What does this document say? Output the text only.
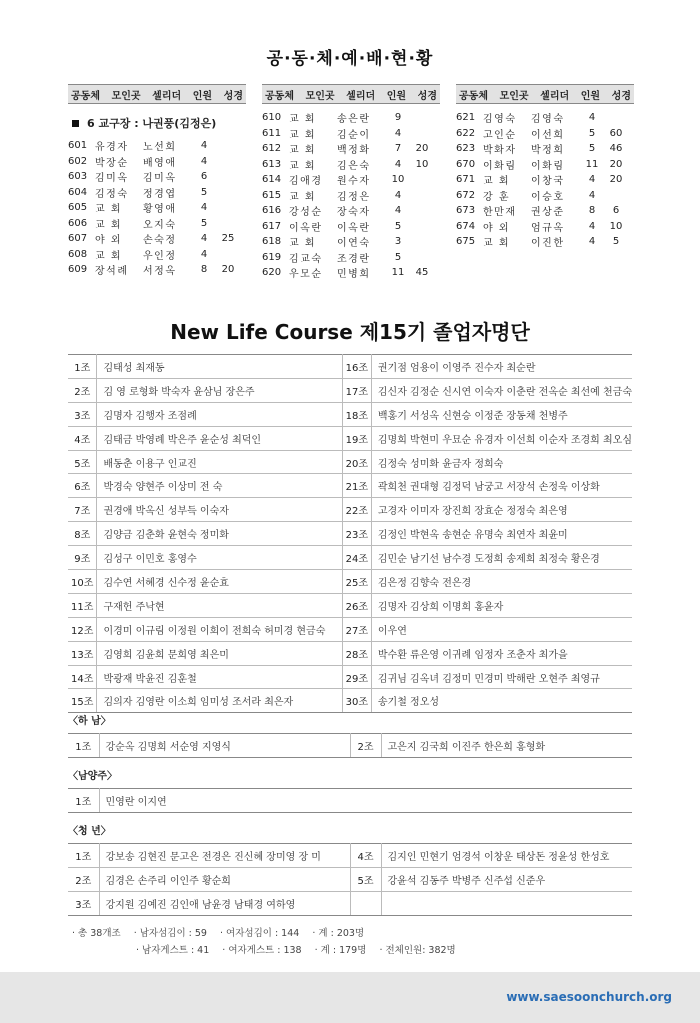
공·동·체·예·배·현·황
공동체 모인곳 셀리더 인원 성경
6 교구장 : 나권풍(김정은)
601 유경자	노선희	4
602 박장순	배영애	4
603 김미옥	김미옥	6
604 김정숙	정경엽	5
605 교 회	황영애	4
606 교 회	오지숙	5
607 야 외	손숙정	4	25
608 교 회	우인정	4
609 장석례	서정옥	8	20
공동체 모인곳 셀리더 인원 성경
610 교 회	송은란	9
611 교 회	김순이	4
612 교 회	백정화	7	20
613 교 회	김은숙	4	10
614 김애경	원수자	10
615 교 회	김정은	4
616 강성순	장숙자	4
617 이옥란	이옥란	5
618 교 회	이연숙	3
619 김교숙	조경란	5
620 우모순	민병희	11	45
공동체 모인곳 셀리더 인원 성경
621 김영숙	김영숙	4
622 고인순	이선희	5	60
623 박화자	박정희	5	46
670 이화림	이화림	11	20
671 교 회	이창국	4	20
672 강 훈	이승호	4
673 한만재	권상준	8	6
674 야 외	엄규옥	4	10
675 교 회	이진한	4	5
New Life Course 제15기 졸업자명단
1조	김태성 최재동	16조	권기점 엄용이 이영주 진수자 최순란
2조	김 영 로형화 박숙자 윤삼님 장은주	17조	김신자 김정순 신시연 이숙자 이춘란 전옥순 최선예 천금숙
3조	김명자 김행자 조점례	18조	백홍기 서성옥 신현승 이정준 장동채 천병주
4조	김태금 박영례 박은주 윤순성 최덕인	19조	김명희 박현미 우묘순 유경자 이선희 이순자 조경희 최오심
5조	배동춘 이용구 인교진	20조	김정숙 성미화 윤금자 정희숙
6조	박경숙 양현주 이상미 전 숙	21조	곽희천 권대형 김정덕 남궁고 서장석 손정욱 이상화
7조	권경애 박옥신 성부득 이숙자	22조	고경자 이미자 장진희 장효순 정정숙 최은영
8조	김양금 김춘화 윤현숙 정미화	23조	김정인 박현옥 송현순 유명숙 최연자 최윤미
9조	김성구 이민호 홍영수	24조	김민순 남기선 남수경 도정희 송제희 최정숙 황은경
10조	김수연 서혜경 신수정 윤순효	25조	김은정 김향숙 전은경
11조	구재헌 주낙현	26조	김명자 김상희 이명희 홍윤자
12조	이경미 이규림 이정원 이희이 전희숙 허미경 현금숙	27조	이우연
13조	김영희 김윤희 문희영 최은미	28조	박수환 류은영 이귀례 임정자 조춘자 최가을
14조	박광재 박윤진 김훈철	29조	김귀님 김옥녀 김정미 민경미 박해란 오현주 최영규
15조	김의자 김영란 이소희 임미성 조서라 최은자	30조	송기철 정오성
〈하 남〉
1조	강순옥 김명희 서순영 지영식	2조	고은지 김국희 이진주 한은희 홍형화
〈남양주〉
1조	민영란 이지연
〈청 년〉
1조	강보송 김현진 문고은 전경은 진신혜 장미영 장 미	4조	김지인 민현기 엄경석 이창운 태상돈 정윤성 한성호
2조	김경은 손주리 이인주 황순희	5조	강윤석 김동주 박병주 신주섭 신준우
3조	강지원 김예진 김인애 남윤경 남태경 여하영		
· 총 38개조 · 남자섬김이 : 59 · 여자섬김이 : 144 · 계 : 203명
· 남자게스트 : 41 · 여자게스트 : 138 · 계 : 179명 · 전체인원: 382명
www.saesoonchurch.org
